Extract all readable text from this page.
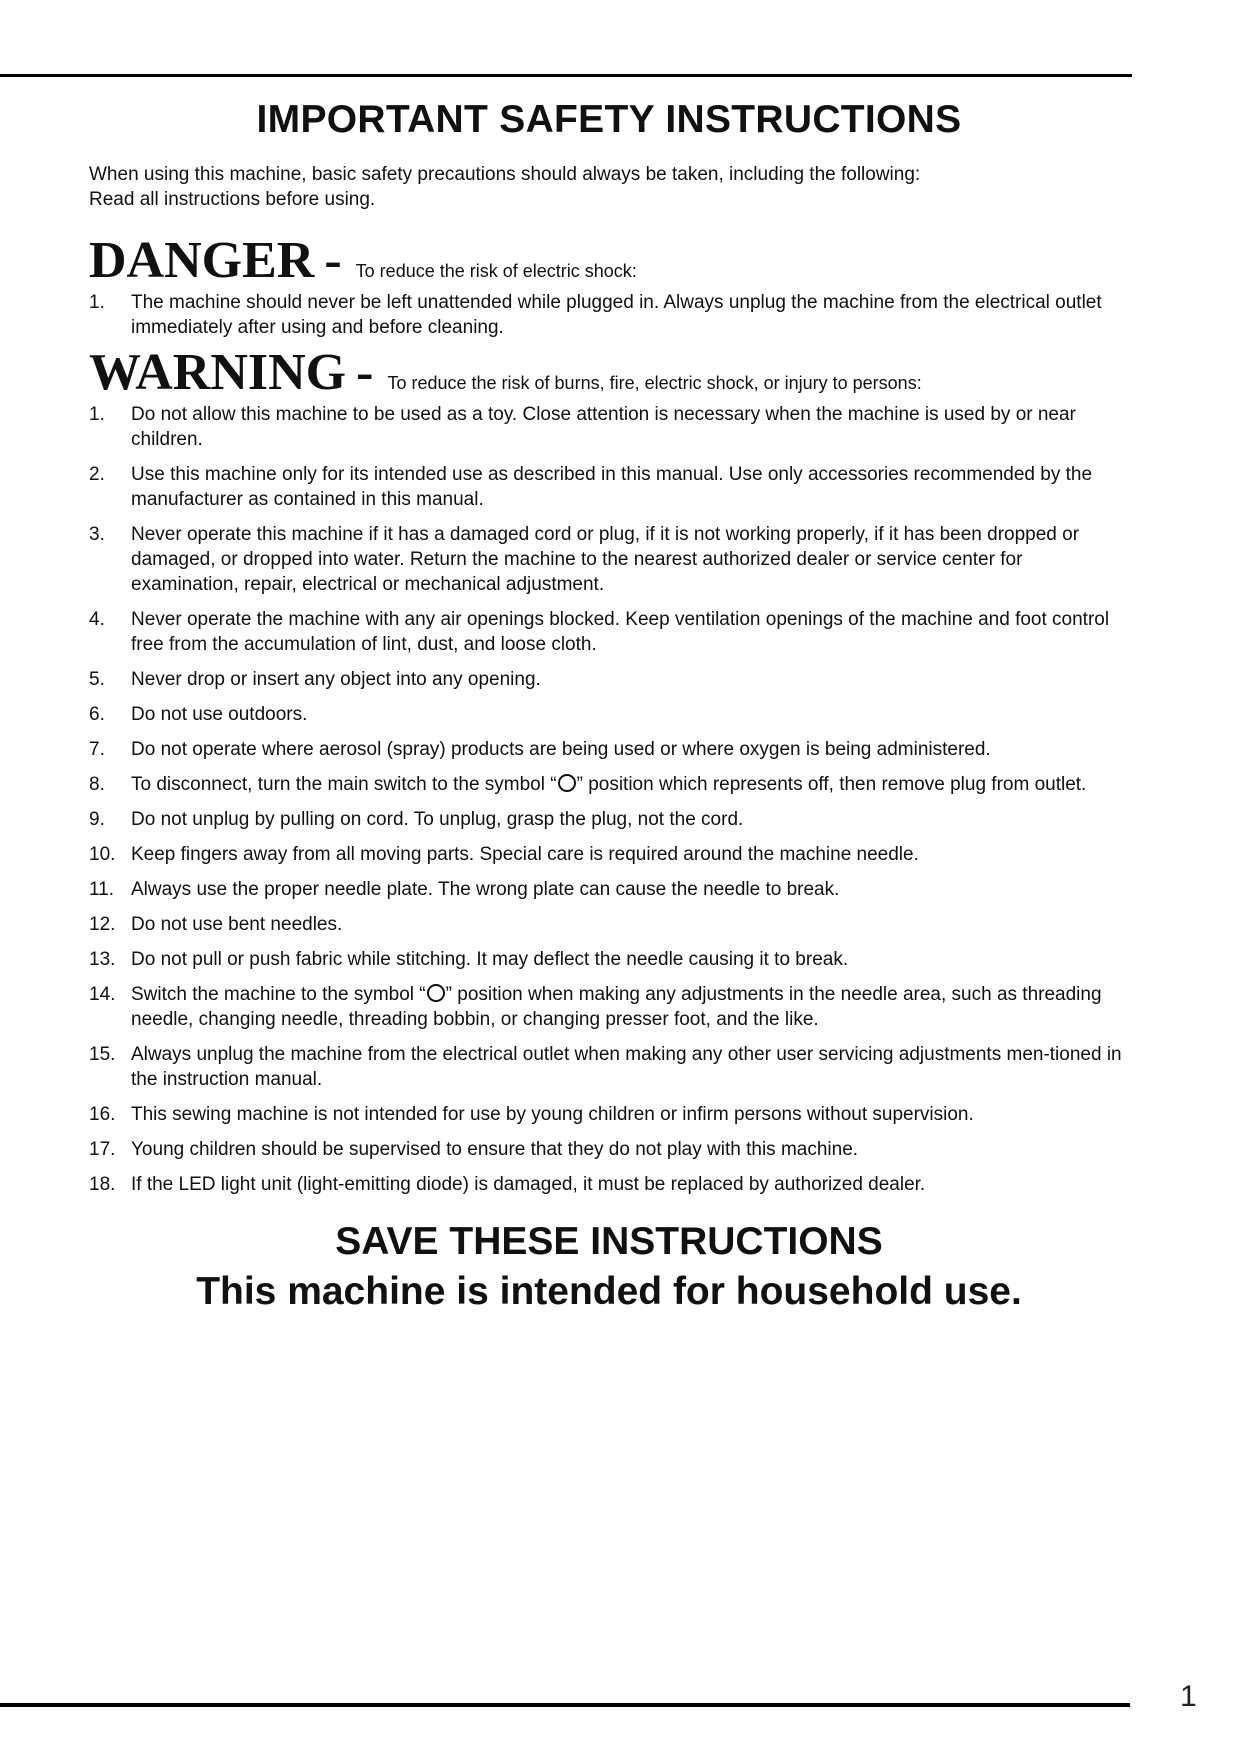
IMPORTANT SAFETY INSTRUCTIONS

When using this machine, basic safety precautions should always be taken, including the following:

Read all instructions before using.

DANGER - To reduce the risk of electric shock:
1. The machine should never be left unattended while plugged in. Always unplug the machine from the electrical outlet immediately after using and before cleaning.
WARNING - To reduce the risk of burns, fire, electric shock, or injury to persons:
1. Do not allow this machine to be used as a toy. Close attention is necessary when the machine is used by or near children.
2. Use this machine only for its intended use as described in this manual. Use only accessories recommended by the manufacturer as contained in this manual.
3. Never operate this machine if it has a damaged cord or plug, if it is not working properly, if it has been dropped or damaged, or dropped into water. Return the machine to the nearest authorized dealer or service center for examination, repair, electrical or mechanical adjustment.
4. Never operate the machine with any air openings blocked. Keep ventilation openings of the machine and foot control free from the accumulation of lint, dust, and loose cloth.
5. Never drop or insert any object into any opening.
6. Do not use outdoors.
7. Do not operate where aerosol (spray) products are being used or where oxygen is being administered.
8. To disconnect, turn the main switch to the symbol “ ” position which represents off, then remove plug from outlet.
9. Do not unplug by pulling on cord. To unplug, grasp the plug, not the cord.
10. Keep fingers away from all moving parts. Special care is required around the machine needle.
11. Always use the proper needle plate. The wrong plate can cause the needle to break.
12. Do not use bent needles.
13. Do not pull or push fabric while stitching. It may deflect the needle causing it to break.
14. Switch the machine to the symbol “ ” position when making any adjustments in the needle area, such as threading needle, changing needle, threading bobbin, or changing presser foot, and the like.
15. Always unplug the machine from the electrical outlet when making any other user servicing adjustments men-tioned in the instruction manual.
16. This sewing machine is not intended for use by young children or infirm persons without supervision.
17. Young children should be supervised to ensure that they do not play with this machine.
18. If the LED light unit (light-emitting diode) is damaged, it must be replaced by authorized dealer.
SAVE THESE INSTRUCTIONS
This machine is intended for household use.
1
